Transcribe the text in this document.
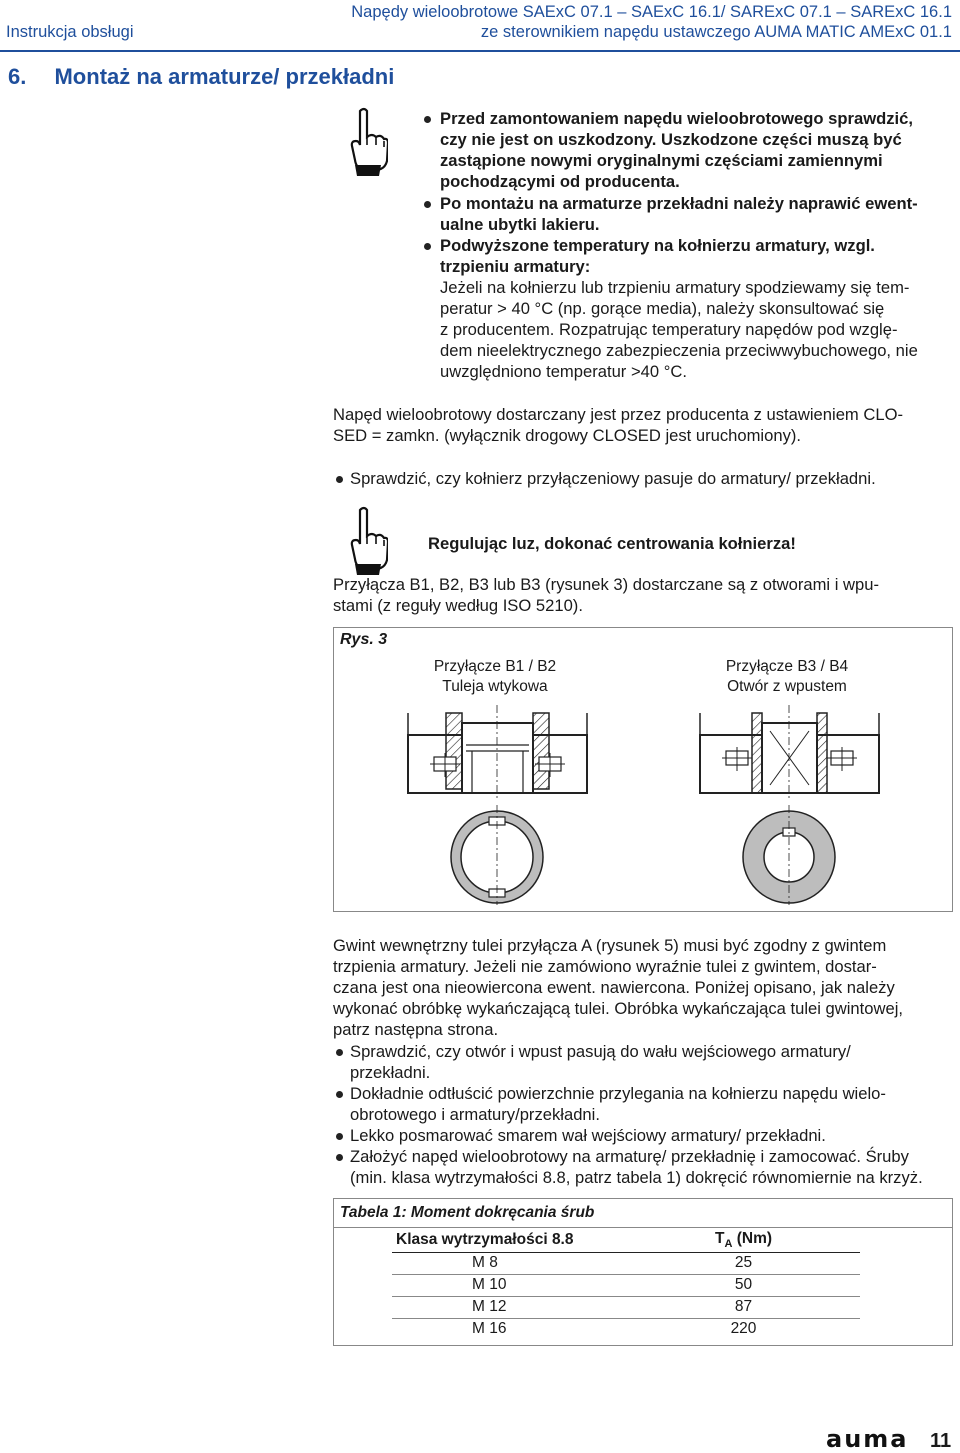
Instrukcja obsługi
Napędy wieloobrotowe SAExC 07.1 – SAExC 16.1/ SARExC 07.1 – SARExC 16.1
ze sterownikiem napędu ustawczego AUMA MATIC AMExC 01.1
6. Montaż na armaturze/ przekładni
Przed zamontowaniem napędu wieloobrotowego sprawdzić,
czy nie jest on uszkodzony. Uszkodzone części muszą być
zastąpione nowymi oryginalnymi częściami zamiennymi
pochodzącymi od producenta.
Po montażu na armaturze przekładni należy naprawić ewent-
ualne ubytki lakieru.
Podwyższone temperatury na kołnierzu armatury, wzgl.
trzpieniu armatury:
Jeżeli na kołnierzu lub trzpieniu armatury spodziewamy się tem-
peratur > 40 °C (np. gorące media), należy skonsultować się
z producentem. Rozpatrując temperatury napędów pod wzglę-
dem nieelektrycznego zabezpieczenia przeciwwybuchowego, nie
uwzględniono temperatur >40 °C.
Napęd wieloobrotowy dostarczany jest przez producenta z ustawieniem CLO-
SED = zamkn. (wyłącznik drogowy CLOSED jest uruchomiony).
Sprawdzić, czy kołnierz przyłączeniowy pasuje do armatury/ przekładni.
Regulując luz, dokonać centrowania kołnierza!
Przyłącza B1, B2, B3 lub B3 (rysunek 3) dostarczane są z otworami i wpu-
stami (z reguły według ISO 5210).
Rys. 3
Przyłącze B1 / B2
Tuleja wtykowa
Przyłącze B3 / B4
Otwór z wpustem
Gwint wewnętrzny tulei przyłącza A (rysunek 5) musi być zgodny z gwintem
trzpienia armatury. Jeżeli nie zamówiono wyraźnie tulei z gwintem, dostar-
czana jest ona nieowiercona ewent. nawiercona. Poniżej opisano, jak należy
wykonać obróbkę wykańczającą tulei. Obróbka wykańczająca tulei gwintowej,
patrz następna strona.
Sprawdzić, czy otwór i wpust pasują do wału wejściowego armatury/
przekładni.
Dokładnie odtłuścić powierzchnie przylegania na kołnierzu napędu wielo-
obrotowego i armatury/przekładni.
Lekko posmarować smarem wał wejściowy armatury/ przekładni.
Założyć napęd wieloobrotowy na armaturę/ przekładnię i zamocować. Śruby
(min. klasa wytrzymałości 8.8, patrz tabela 1) dokręcić równomiernie na krzyż.
Tabela 1: Moment dokręcania śrub
Klasa wytrzymałości 8.8	$T_A$ (Nm)
M 8	25
M 10	50
M 12	87
M 16	220
auma 11
